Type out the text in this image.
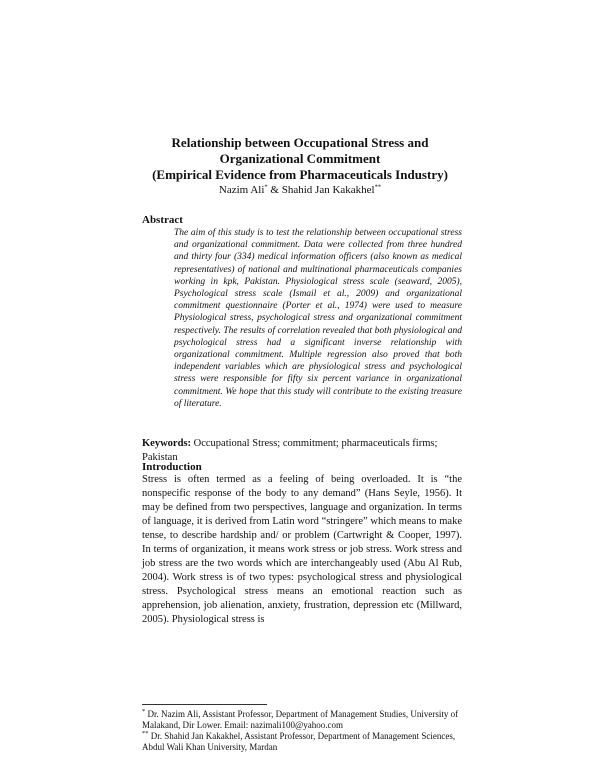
Relationship between Occupational Stress and
Organizational Commitment
(Empirical Evidence from Pharmaceuticals Industry)
Nazim Ali* & Shahid Jan Kakakhel**
Abstract
The aim of this study is to test the relationship between occupational stress and organizational commitment. Data were collected from three hundred and thirty four (334) medical information officers (also known as medical representatives) of national and multinational pharmaceuticals companies working in kpk, Pakistan. Physiological stress scale (seaward, 2005), Psychological stress scale (Ismail et al., 2009) and organizational commitment questionnaire (Porter et al., 1974) were used to measure Physiological stress, psychological stress and organizational commitment respectively. The results of correlation revealed that both physiological and psychological stress had a significant inverse relationship with organizational commitment. Multiple regression also proved that both independent variables which are physiological stress and psychological stress were responsible for fifty six percent variance in organizational commitment. We hope that this study will contribute to the existing treasure of literature.
Keywords: Occupational Stress; commitment; pharmaceuticals firms; Pakistan
Introduction
Stress is often termed as a feeling of being overloaded. It is “the nonspecific response of the body to any demand” (Hans Seyle, 1956). It may be defined from two perspectives, language and organization. In terms of language, it is derived from Latin word “stringere” which means to make tense, to describe hardship and/ or problem (Cartwright & Cooper, 1997). In terms of organization, it means work stress or job stress. Work stress and job stress are the two words which are interchangeably used (Abu Al Rub, 2004). Work stress is of two types: psychological stress and physiological stress. Psychological stress means an emotional reaction such as apprehension, job alienation, anxiety, frustration, depression etc (Millward, 2005). Physiological stress is

* Dr. Nazim Ali, Assistant Professor, Department of Management Studies, University of Malakand, Dir Lower. Email: nazimali100@yahoo.com

** Dr. Shahid Jan Kakakhel, Assistant Professor, Department of Management Sciences, Abdul Wali Khan University, Mardan
